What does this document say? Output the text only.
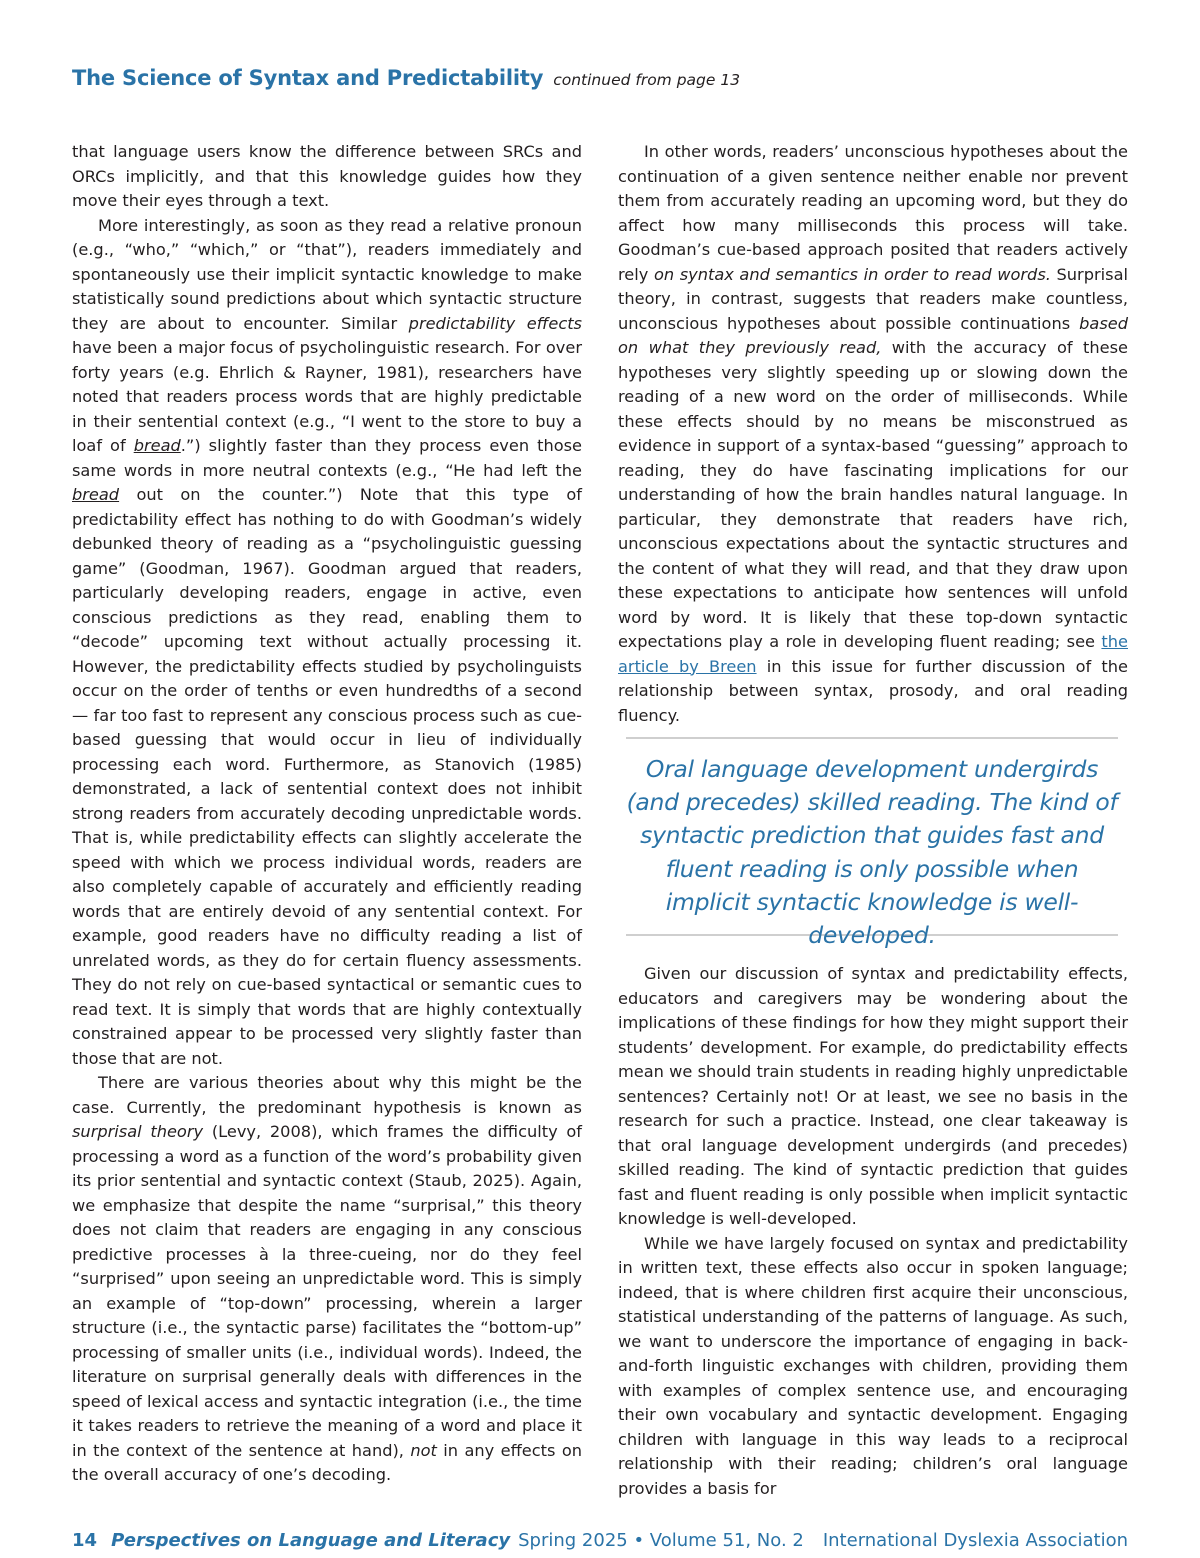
The Science of Syntax and Predictability continued from page 13

that language users know the difference between SRCs and ORCs implicitly, and that this knowledge guides how they move their eyes through a text.

More interestingly, as soon as they read a relative pronoun (e.g., “who,” “which,” or “that”), readers immediately and spontaneously use their implicit syntactic knowledge to make statistically sound predictions about which syntactic structure they are about to encounter. Similar predictability effects have been a major focus of psycholinguistic research. For over forty years (e.g. Ehrlich & Rayner, 1981), researchers have noted that readers process words that are highly predictable in their sentential context (e.g., “I went to the store to buy a loaf of bread.”) slightly faster than they process even those same words in more neutral contexts (e.g., “He had left the bread out on the counter.”) Note that this type of predictability effect has nothing to do with Goodman’s widely debunked theory of reading as a “psycholinguistic guessing game” (Goodman, 1967). Goodman argued that readers, particularly developing readers, engage in active, even conscious predictions as they read, enabling them to “decode” upcoming text without actually processing it. However, the predictability effects studied by psycholinguists occur on the order of tenths or even hundredths of a second — far too fast to represent any conscious process such as cue-based guessing that would occur in lieu of individually processing each word. Furthermore, as Stanovich (1985) demonstrated, a lack of sentential context does not inhibit strong readers from accurately decoding unpredictable words. That is, while predictability effects can slightly accelerate the speed with which we process individual words, readers are also completely capable of accurately and efficiently reading words that are entirely devoid of any sentential context. For example, good readers have no difficulty reading a list of unrelated words, as they do for certain fluency assessments. They do not rely on cue-based syntactical or semantic cues to read text. It is simply that words that are highly contextually constrained appear to be processed very slightly faster than those that are not.

There are various theories about why this might be the case. Currently, the predominant hypothesis is known as surprisal theory (Levy, 2008), which frames the difficulty of processing a word as a function of the word’s probability given its prior sentential and syntactic context (Staub, 2025). Again, we emphasize that despite the name “surprisal,” this theory does not claim that readers are engaging in any conscious predictive processes à la three-cueing, nor do they feel “surprised” upon seeing an unpredictable word. This is simply an example of “top-down” processing, wherein a larger structure (i.e., the syntactic parse) facilitates the “bottom-up” processing of smaller units (i.e., individual words). Indeed, the literature on surprisal generally deals with differences in the speed of lexical access and syntactic integration (i.e., the time it takes readers to retrieve the meaning of a word and place it in the context of the sentence at hand), not in any effects on the overall accuracy of one’s decoding.

In other words, readers’ unconscious hypotheses about the continuation of a given sentence neither enable nor prevent them from accurately reading an upcoming word, but they do affect how many milliseconds this process will take. Goodman’s cue-based approach posited that readers actively rely on syntax and semantics in order to read words. Surprisal theory, in contrast, suggests that readers make countless, unconscious hypotheses about possible continuations based on what they previously read, with the accuracy of these hypotheses very slightly speeding up or slowing down the reading of a new word on the order of milliseconds. While these effects should by no means be misconstrued as evidence in support of a syntax-based “guessing” approach to reading, they do have fascinating implications for our understanding of how the brain handles natural language. In particular, they demonstrate that readers have rich, unconscious expectations about the syntactic structures and the content of what they will read, and that they draw upon these expectations to anticipate how sentences will unfold word by word. It is likely that these top-down syntactic expectations play a role in developing fluent reading; see the article by Breen in this issue for further discussion of the relationship between syntax, prosody, and oral reading fluency.

Oral language development undergirds (and precedes) skilled reading. The kind of syntactic prediction that guides fast and fluent reading is only possible when implicit syntactic knowledge is well-developed.

Given our discussion of syntax and predictability effects, educators and caregivers may be wondering about the implications of these findings for how they might support their students’ development. For example, do predictability effects mean we should train students in reading highly unpredictable sentences? Certainly not! Or at least, we see no basis in the research for such a practice. Instead, one clear takeaway is that oral language development undergirds (and precedes) skilled reading. The kind of syntactic prediction that guides fast and fluent reading is only possible when implicit syntactic knowledge is well-developed.

While we have largely focused on syntax and predictability in written text, these effects also occur in spoken language; indeed, that is where children first acquire their unconscious, statistical understanding of the patterns of language. As such, we want to underscore the importance of engaging in back-and-forth linguistic exchanges with children, providing them with examples of complex sentence use, and encouraging their own vocabulary and syntactic development. Engaging children with language in this way leads to a reciprocal relationship with their reading; children’s oral language provides a basis for

14 Perspectives on Language and Literacy Spring 2025 • Volume 51, No. 2 International Dyslexia Association
